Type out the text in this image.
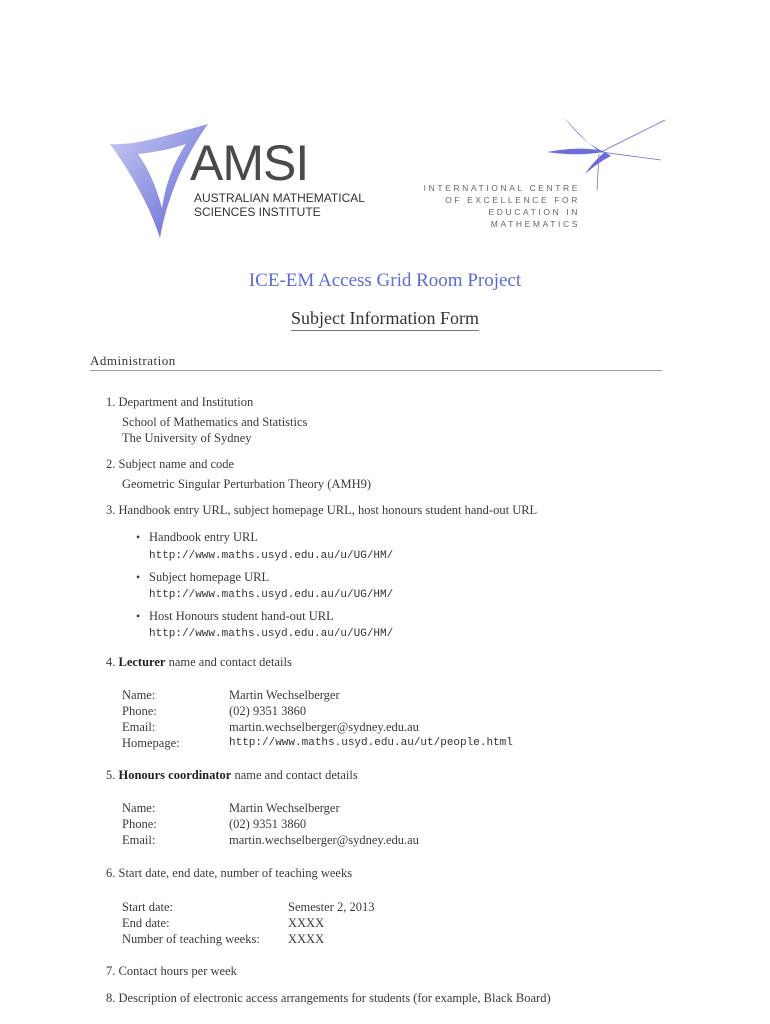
AMSI
AUSTRALIAN MATHEMATICAL
SCIENCES INSTITUTE
INTERNATIONAL CENTRE
OF EXCELLENCE FOR
EDUCATION IN
MATHEMATICS
ICE-EM Access Grid Room Project
Subject Information Form
Administration
1. Department and Institution
School of Mathematics and Statistics
The University of Sydney
2. Subject name and code
Geometric Singular Perturbation Theory (AMH9)
3. Handbook entry URL, subject homepage URL, host honours student hand-out URL
• Handbook entry URL
http://www.maths.usyd.edu.au/u/UG/HM/
• Subject homepage URL
http://www.maths.usyd.edu.au/u/UG/HM/
• Host Honours student hand-out URL
http://www.maths.usyd.edu.au/u/UG/HM/
4. Lecturer name and contact details
Name:	Martin Wechselberger
Phone:	(02) 9351 3860
Email:	martin.wechselberger@sydney.edu.au
Homepage:	http://www.maths.usyd.edu.au/ut/people.html
5. Honours coordinator name and contact details
Name:	Martin Wechselberger
Phone:	(02) 9351 3860
Email:	martin.wechselberger@sydney.edu.au
6. Start date, end date, number of teaching weeks
Start date:	Semester 2, 2013
End date:	XXXX
Number of teaching weeks: XXXX
7. Contact hours per week
8. Description of electronic access arrangements for students (for example, Black Board)
